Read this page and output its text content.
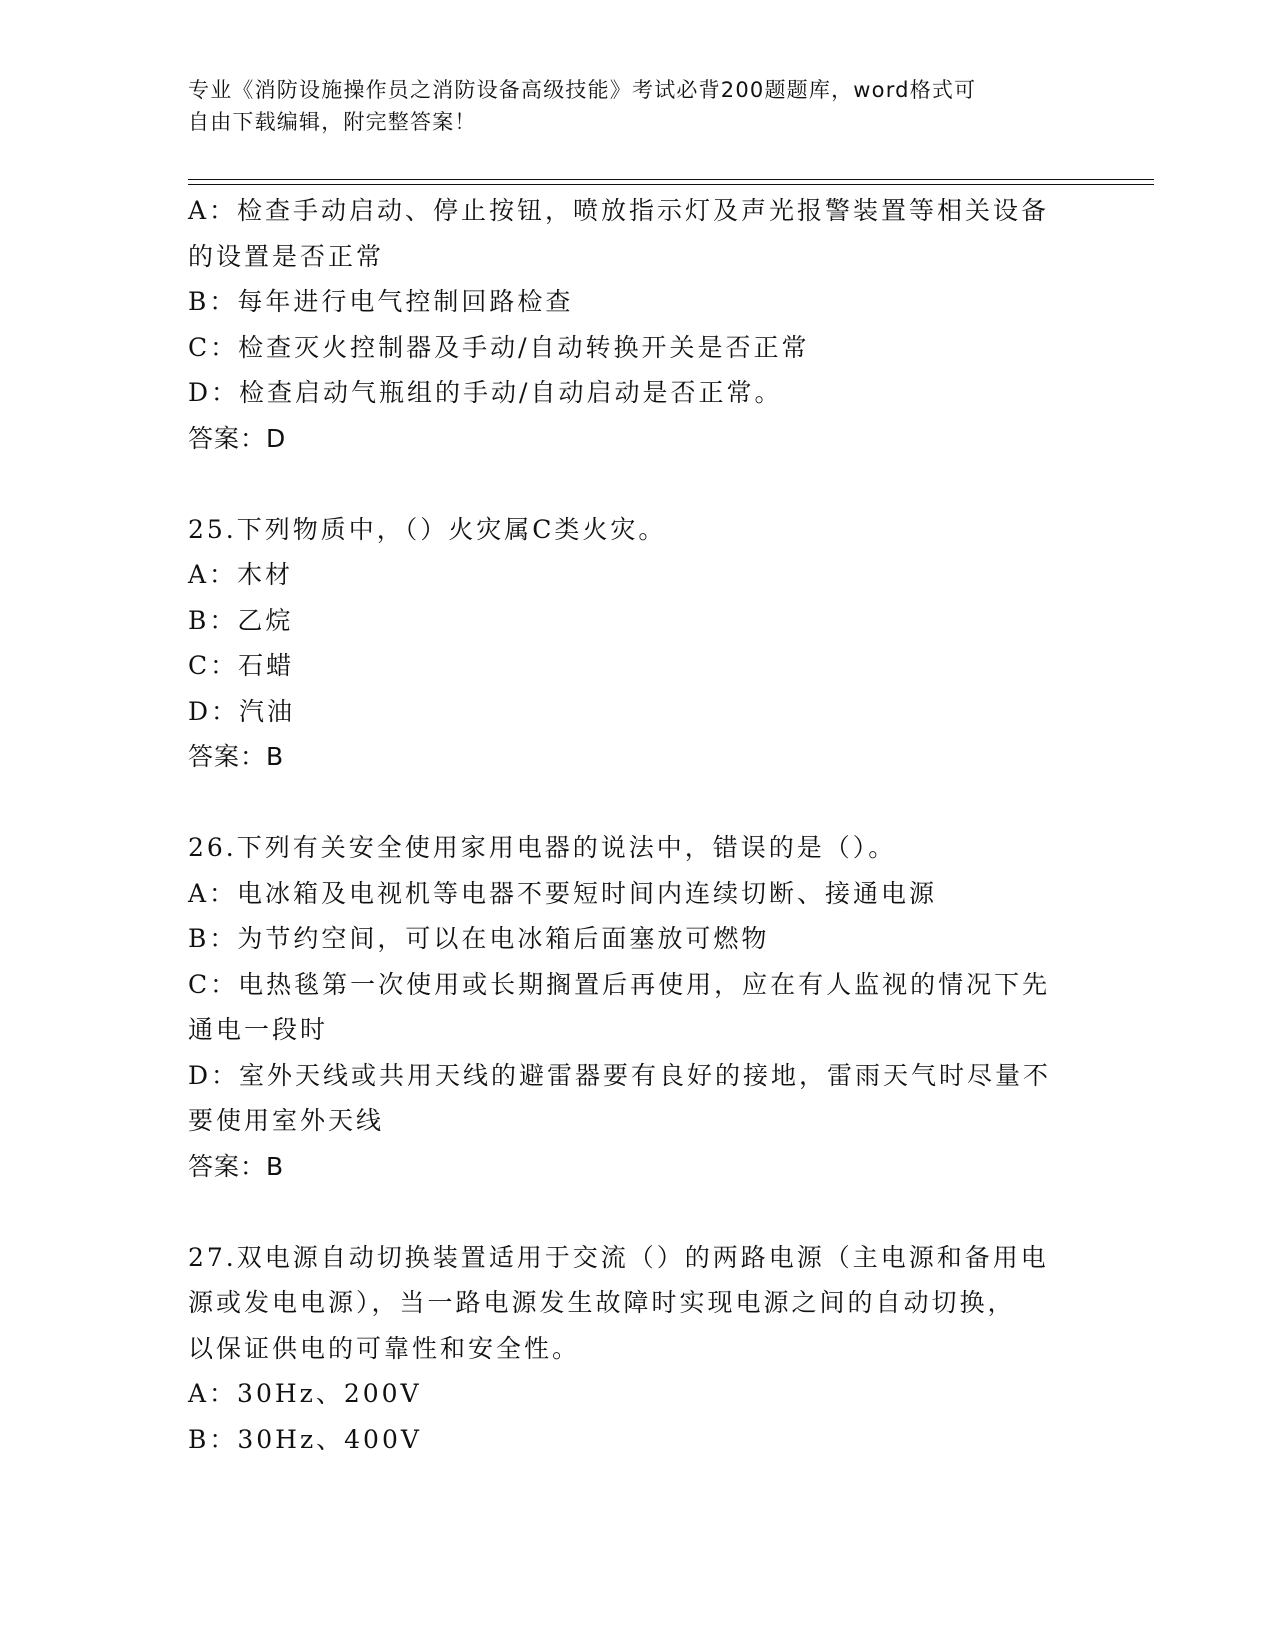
专业《消防设施操作员之消防设备高级技能》考试必背200题题库，word格式可
自由下载编辑，附完整答案！

A：检查手动启动、停止按钮，喷放指示灯及声光报警装置等相关设备

的设置是否正常

B：每年进行电气控制回路检查

C：检查灭火控制器及手动/自动转换开关是否正常

D：检查启动气瓶组的手动/自动启动是否正常。

答案：D

25.下列物质中，（）火灾属C类火灾。

A：木材

B：乙烷

C：石蜡

D：汽油

答案：B

26.下列有关安全使用家用电器的说法中，错误的是（）。

A：电冰箱及电视机等电器不要短时间内连续切断、接通电源

B：为节约空间，可以在电冰箱后面塞放可燃物

C：电热毯第一次使用或长期搁置后再使用，应在有人监视的情况下先

通电一段时

D：室外天线或共用天线的避雷器要有良好的接地，雷雨天气时尽量不

要使用室外天线

答案：B

27.双电源自动切换装置适用于交流（）的两路电源（主电源和备用电

源或发电电源），当一路电源发生故障时实现电源之间的自动切换，

以保证供电的可靠性和安全性。

A：30Hz、200V

B：30Hz、400V
